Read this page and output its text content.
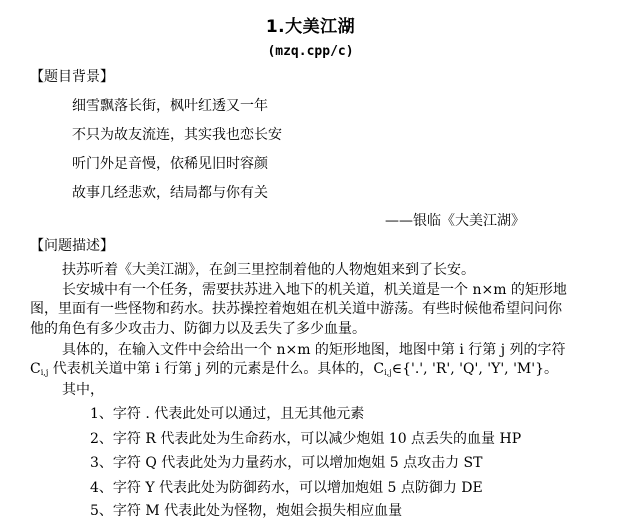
1.大美江湖
(mzq.cpp/c)
【题目背景】
细雪飘落长街，枫叶红透又一年
不只为故友流连，其实我也恋长安
听门外足音慢，依稀见旧时容颜
故事几经悲欢，结局都与你有关
——银临《大美江湖》
【问题描述】
扶苏听着《大美江湖》，在剑三里控制着他的人物炮姐来到了长安。
长安城中有一个任务，需要扶苏进入地下的机关道，机关道是一个 n×m 的矩形地
图，里面有一些怪物和药水。扶苏操控着炮姐在机关道中游荡。有些时候他希望问问你
他的角色有多少攻击力、防御力以及丢失了多少血量。
具体的，在输入文件中会给出一个 n×m 的矩形地图，地图中第 i 行第 j 列的字符
$C_{i,j}$ 代表机关道中第 i 行第 j 列的元素是什么。具体的，$C_{i,j}\in\{'.'$, 'R', 'Q', 'Y', 'M'}。
其中，
1、字符 . 代表此处可以通过，且无其他元素
2、字符 R 代表此处为生命药水，可以减少炮姐 10 点丢失的血量 HP
3、字符 Q 代表此处为力量药水，可以增加炮姐 5 点攻击力 ST
4、字符 Y 代表此处为防御药水，可以增加炮姐 5 点防御力 DE
5、字符 M 代表此处为怪物，炮姐会损失相应血量
